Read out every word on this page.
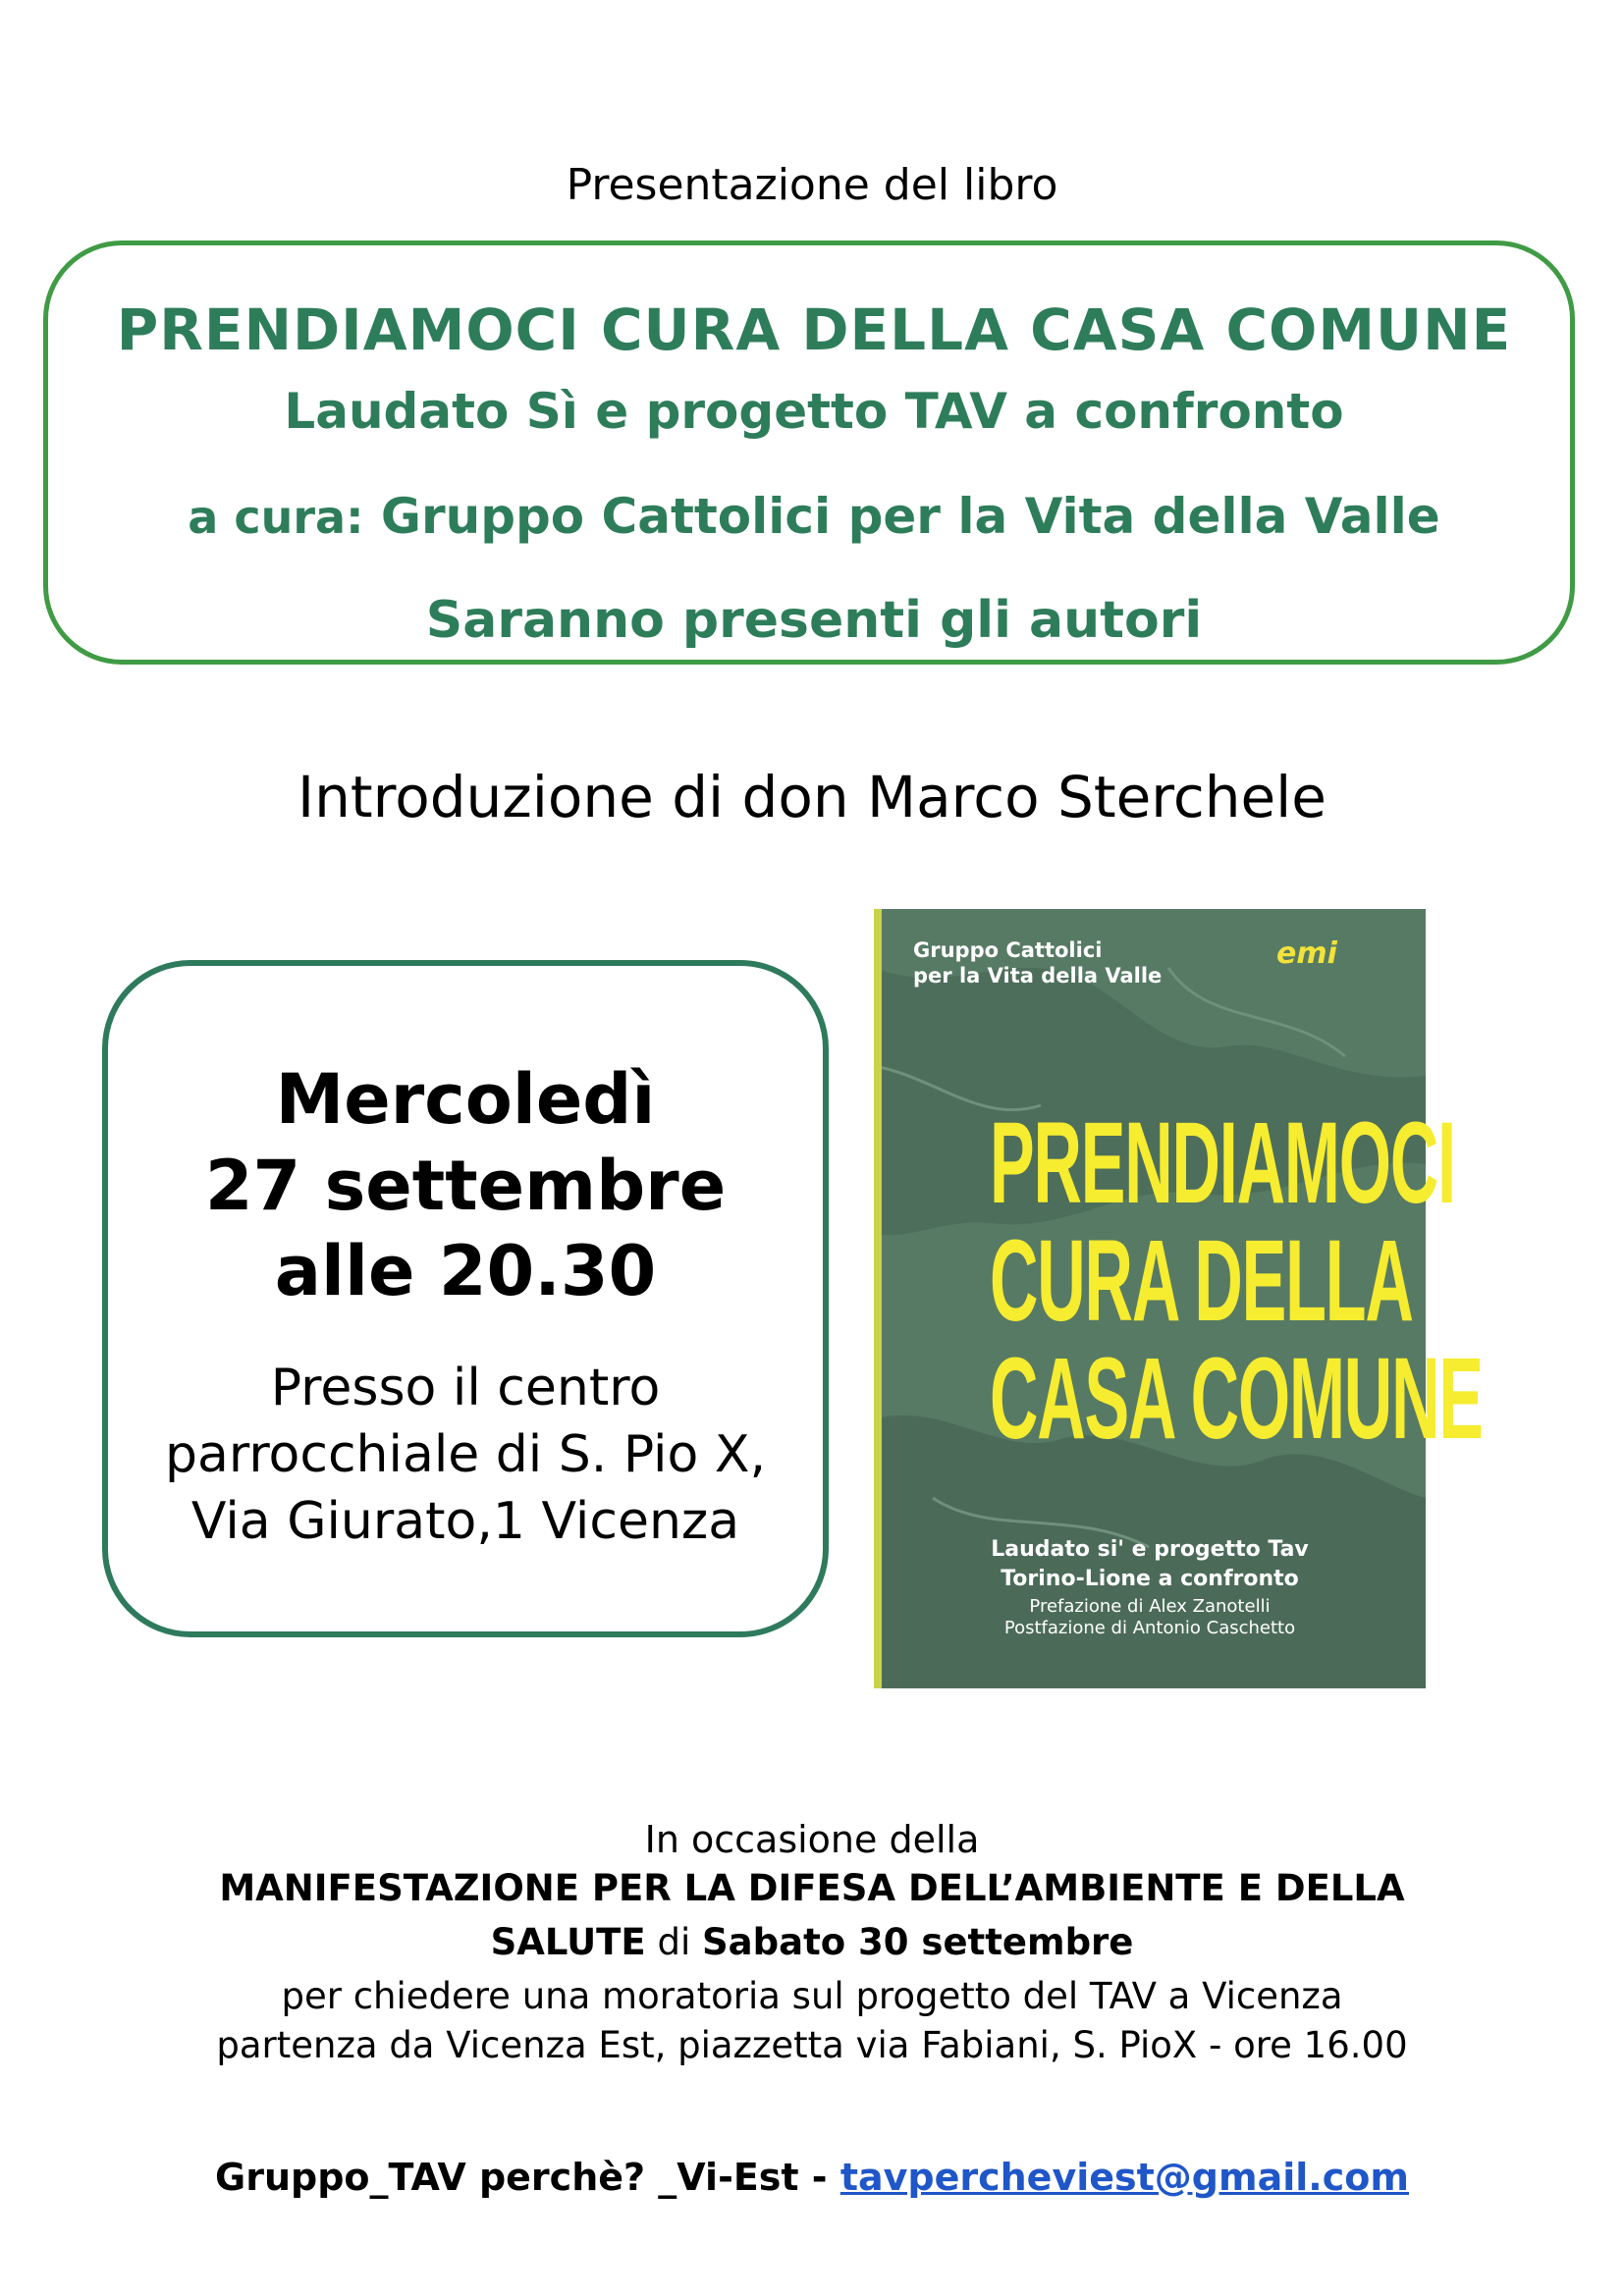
Presentazione del libro
PRENDIAMOCI CURA DELLA CASA COMUNE
Laudato Sì e progetto TAV a confronto
a cura: Gruppo Cattolici per la Vita della Valle
Saranno presenti gli autori
Introduzione di don Marco Sterchele
Mercoledì
27 settembre
alle 20.30
Presso il centro
parrocchiale di S. Pio X,
Via Giurato,1 Vicenza
Gruppo Cattolici
per la Vita della Valle
emi
PRENDIAMOCI
CURA DELLA
CASA COMUNE
Laudato si' e progetto Tav
Torino-Lione a confronto
Prefazione di Alex Zanotelli
Postfazione di Antonio Caschetto
In occasione della
MANIFESTAZIONE PER LA DIFESA DELL’AMBIENTE E DELLA
SALUTE di Sabato 30 settembre
per chiedere una moratoria sul progetto del TAV a Vicenza
partenza da Vicenza Est, piazzetta via Fabiani, S. PioX - ore 16.00
Gruppo_TAV perchè? _Vi-Est - tavpercheviest@gmail.com
